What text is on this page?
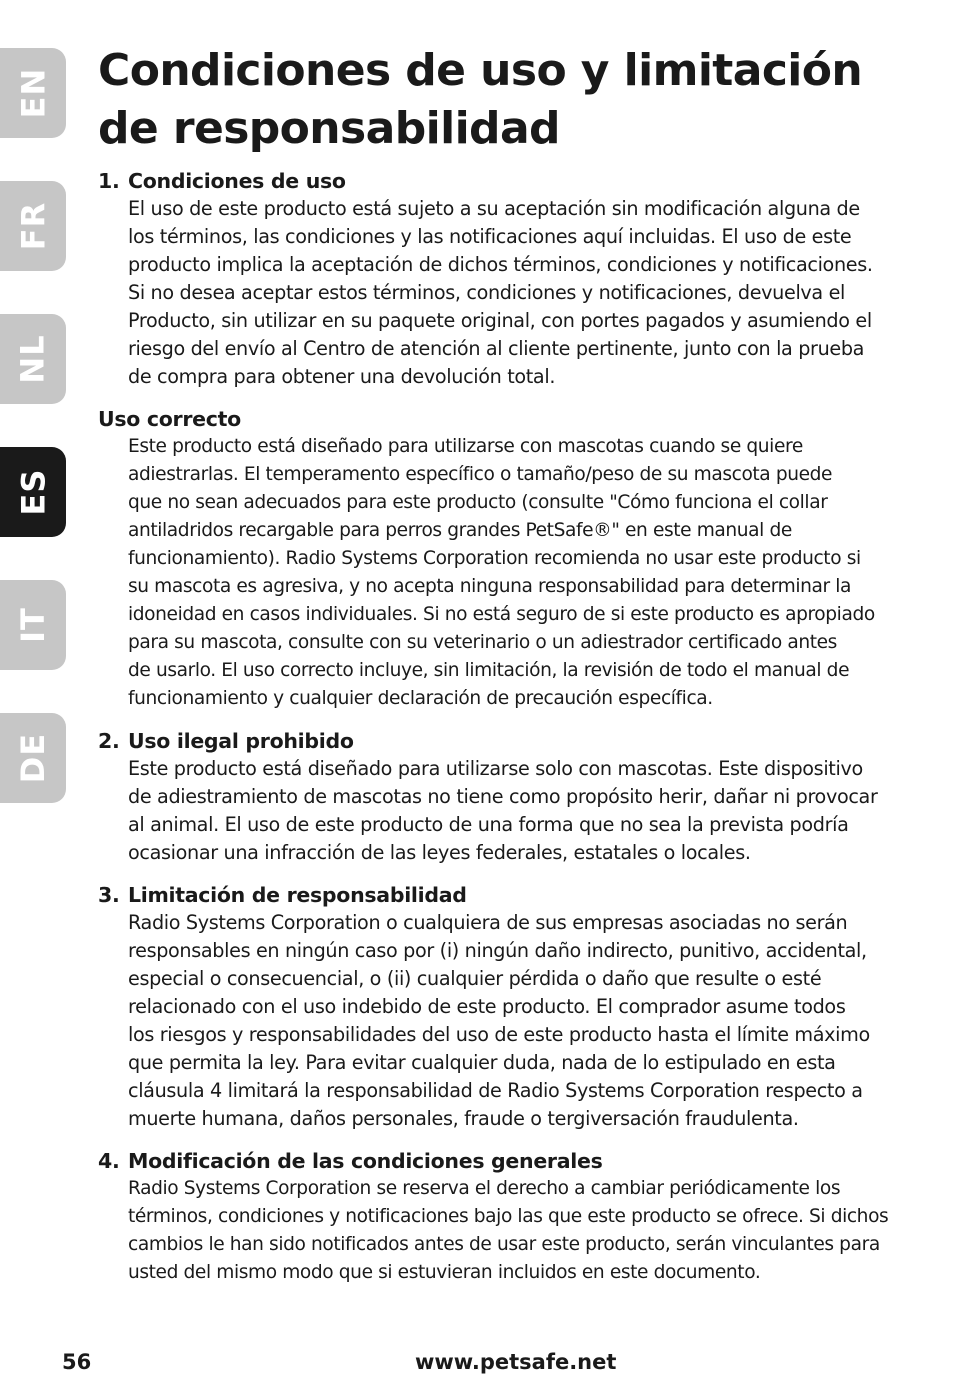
EN
FR
NL
ES
IT
DE
Condiciones de uso y limitación
de responsabilidad
1. Condiciones de uso
El uso de este producto está sujeto a su aceptación sin modificación alguna de
los términos, las condiciones y las notificaciones aquí incluidas. El uso de este
producto implica la aceptación de dichos términos, condiciones y notificaciones.
Si no desea aceptar estos términos, condiciones y notificaciones, devuelva el
Producto, sin utilizar en su paquete original, con portes pagados y asumiendo el
riesgo del envío al Centro de atención al cliente pertinente, junto con la prueba
de compra para obtener una devolución total.
Uso correcto
Este producto está diseñado para utilizarse con mascotas cuando se quiere
adiestrarlas. El temperamento específico o tamaño/peso de su mascota puede
que no sean adecuados para este producto (consulte "Cómo funciona el collar
antiladridos recargable para perros grandes PetSafe®" en este manual de
funcionamiento). Radio Systems Corporation recomienda no usar este producto si
su mascota es agresiva, y no acepta ninguna responsabilidad para determinar la
idoneidad en casos individuales. Si no está seguro de si este producto es apropiado
para su mascota, consulte con su veterinario o un adiestrador certificado antes
de usarlo. El uso correcto incluye, sin limitación, la revisión de todo el manual de
funcionamiento y cualquier declaración de precaución específica.
2. Uso ilegal prohibido
Este producto está diseñado para utilizarse solo con mascotas. Este dispositivo
de adiestramiento de mascotas no tiene como propósito herir, dañar ni provocar
al animal. El uso de este producto de una forma que no sea la prevista podría
ocasionar una infracción de las leyes federales, estatales o locales.
3. Limitación de responsabilidad
Radio Systems Corporation o cualquiera de sus empresas asociadas no serán
responsables en ningún caso por (i) ningún daño indirecto, punitivo, accidental,
especial o consecuencial, o (ii) cualquier pérdida o daño que resulte o esté
relacionado con el uso indebido de este producto. El comprador asume todos
los riesgos y responsabilidades del uso de este producto hasta el límite máximo
que permita la ley. Para evitar cualquier duda, nada de lo estipulado en esta
cláusula 4 limitará la responsabilidad de Radio Systems Corporation respecto a
muerte humana, daños personales, fraude o tergiversación fraudulenta.
4. Modificación de las condiciones generales
Radio Systems Corporation se reserva el derecho a cambiar periódicamente los
términos, condiciones y notificaciones bajo las que este producto se ofrece. Si dichos
cambios le han sido notificados antes de usar este producto, serán vinculantes para
usted del mismo modo que si estuvieran incluidos en este documento.
56	www.petsafe.net
